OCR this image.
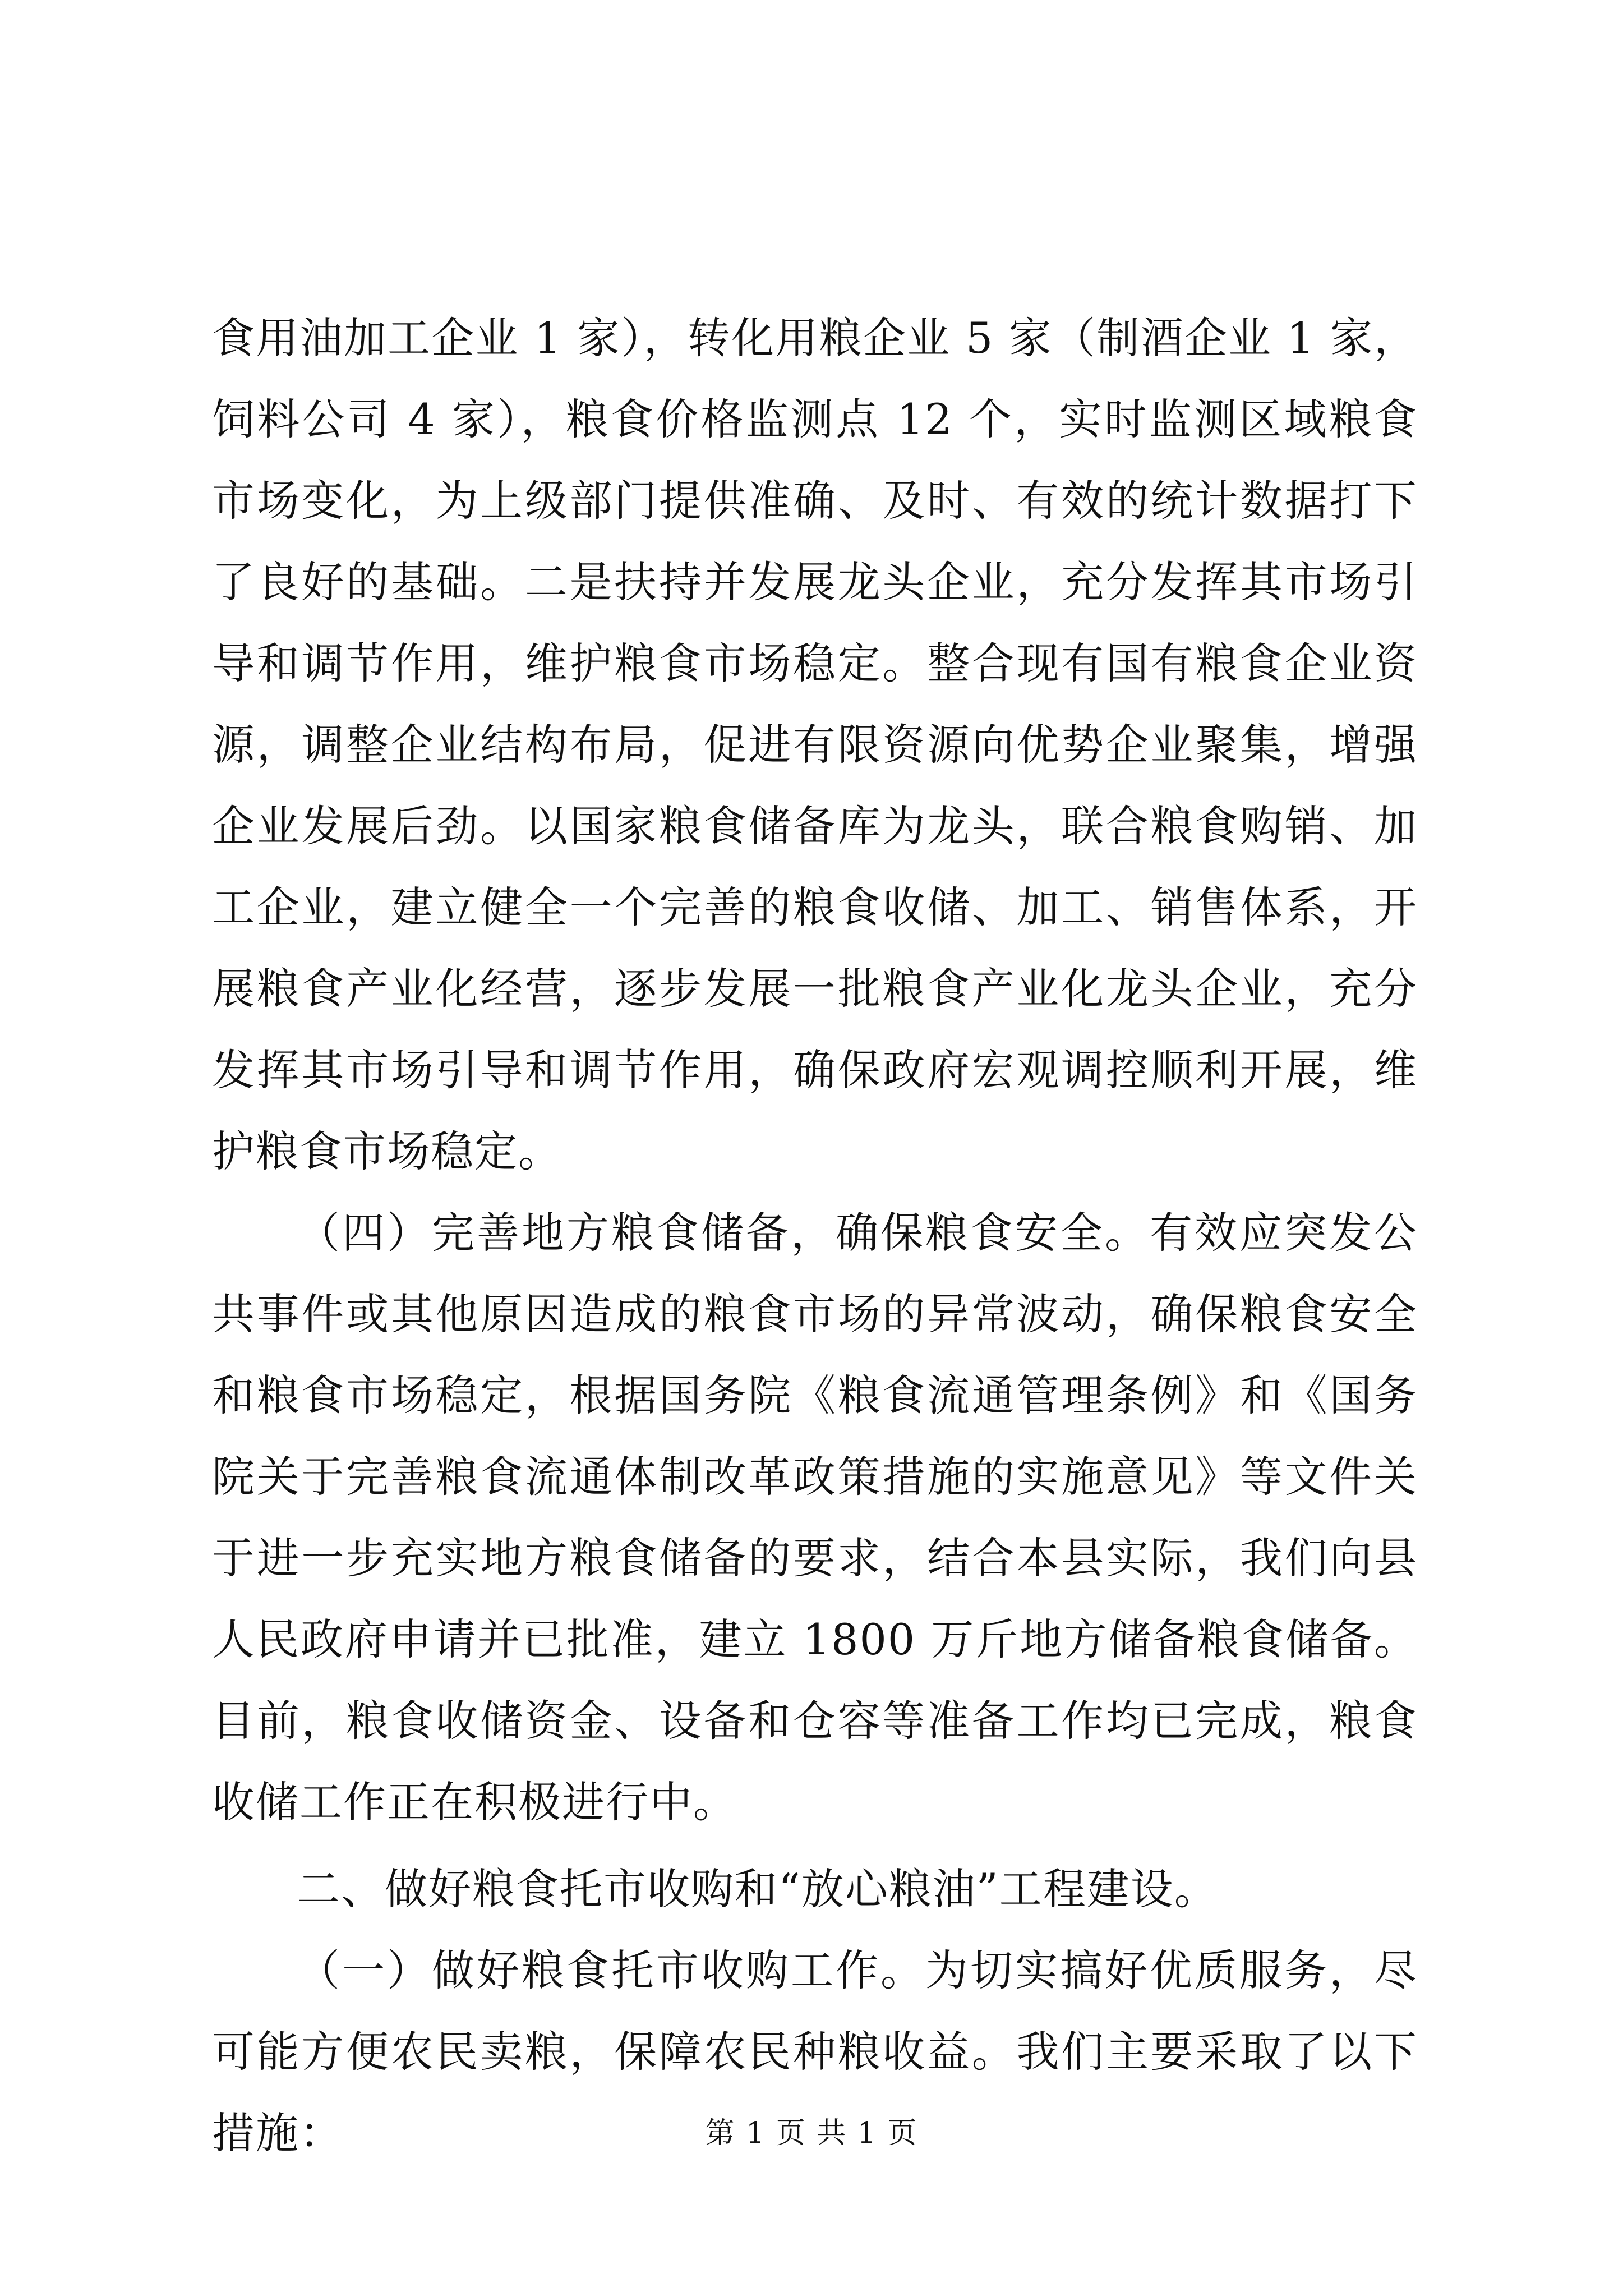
食用油加工企业 1 家），转化用粮企业 5 家（制酒企业 1 家，饲料公司 4 家），粮食价格监测点 12 个，实时监测区域粮食市场变化，为上级部门提供准确、及时、有效的统计数据打下了良好的基础。二是扶持并发展龙头企业，充分发挥其市场引导和调节作用，维护粮食市场稳定。整合现有国有粮食企业资源，调整企业结构布局，促进有限资源向优势企业聚集，增强企业发展后劲。以国家粮食储备库为龙头，联合粮食购销、加工企业，建立健全一个完善的粮食收储、加工、销售体系，开展粮食产业化经营，逐步发展一批粮食产业化龙头企业，充分发挥其市场引导和调节作用，确保政府宏观调控顺利开展，维护粮食市场稳定。

（四）完善地方粮食储备，确保粮食安全。有效应突发公共事件或其他原因造成的粮食市场的异常波动，确保粮食安全和粮食市场稳定，根据国务院《粮食流通管理条例》和《国务院关于完善粮食流通体制改革政策措施的实施意见》等文件关于进一步充实地方粮食储备的要求，结合本县实际，我们向县人民政府申请并已批准，建立 1800 万斤地方储备粮食储备。目前，粮食收储资金、设备和仓容等准备工作均已完成，粮食收储工作正在积极进行中。

二、做好粮食托市收购和“放心粮油”工程建设。

（一）做好粮食托市收购工作。为切实搞好优质服务，尽可能方便农民卖粮，保障农民种粮收益。我们主要采取了以下措施：	第 1 页 共 1 页
